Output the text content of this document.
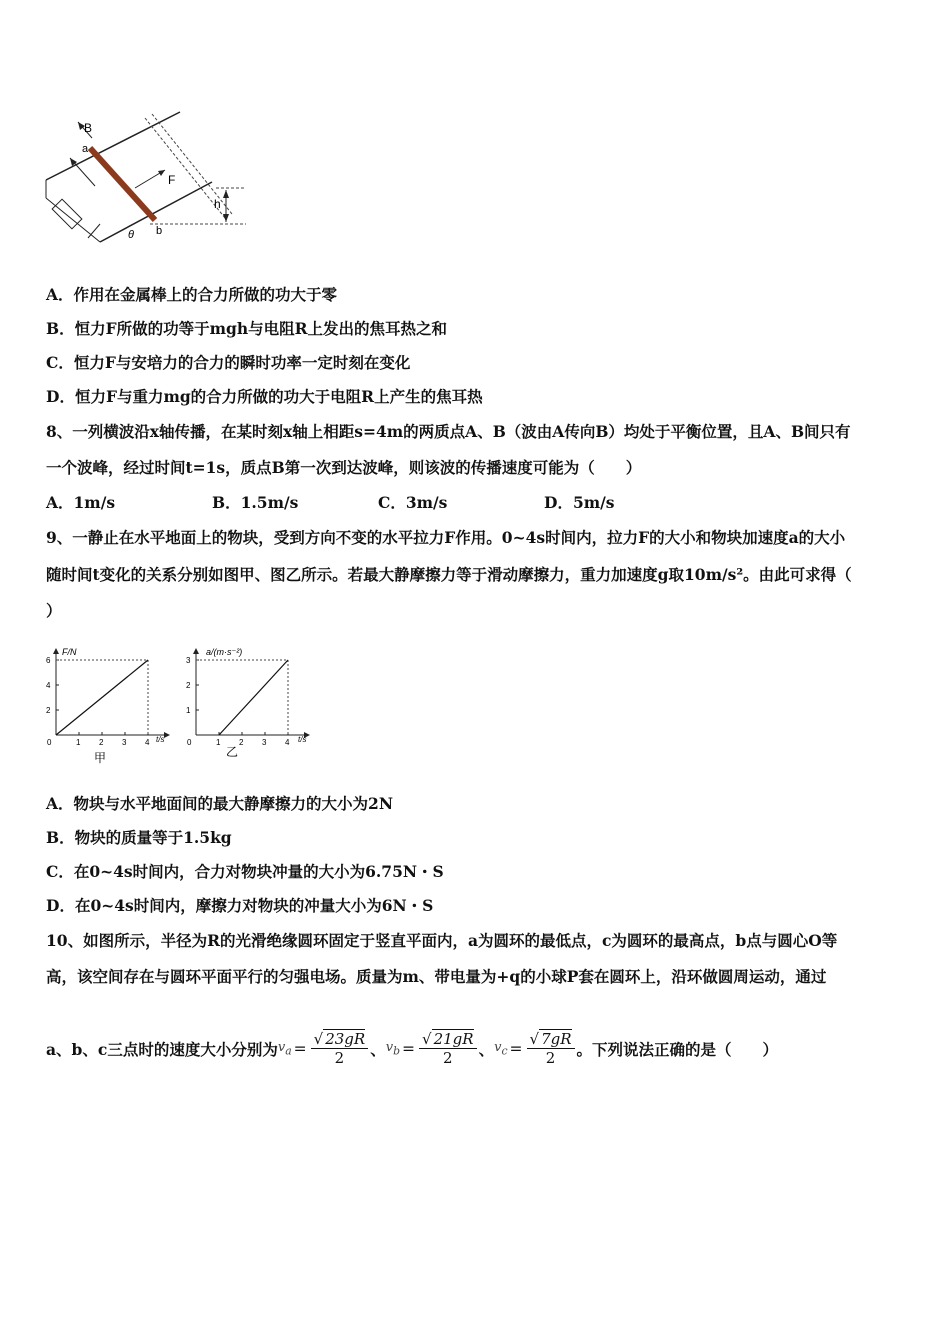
B
a
F
b
h
θ
A．作用在金属棒上的合力所做的功大于零
B．恒力F所做的功等于mgh与电阻R上发出的焦耳热之和
C．恒力F与安培力的合力的瞬时功率一定时刻在变化
D．恒力F与重力mg的合力所做的功大于电阻R上产生的焦耳热
8、一列横波沿x轴传播，在某时刻x轴上相距s=4m的两质点A、B（波由A传向B）均处于平衡位置，且A、B间只有
一个波峰，经过时间t=1s，质点B第一次到达波峰，则该波的传播速度可能为（　　）
A．1m/s	B．1.5m/s	C．3m/s	D．5m/s
9、一静止在水平地面上的物块，受到方向不变的水平拉力F作用。0~4s时间内，拉力F的大小和物块加速度a的大小
随时间t变化的关系分别如图甲、图乙所示。若最大静摩擦力等于滑动摩擦力，重力加速度g取10m/s²。由此可求得（
）
F/N
t/s
甲
0	1 2 3 4
2
4
6
a/(m·s⁻²)
t/s
乙
0	1 2 3 4
1
2
3
A．物块与水平地面间的最大静摩擦力的大小为2N
B．物块的质量等于1.5kg
C．在0~4s时间内，合力对物块冲量的大小为6.75N・S
D．在0~4s时间内，摩擦力对物块的冲量大小为6N・S
10、如图所示，半径为R的光滑绝缘圆环固定于竖直平面内，a为圆环的最低点，c为圆环的最高点，b点与圆心O等
高，该空间存在与圆环平面平行的匀强电场。质量为m、带电量为+q的小球P套在圆环上，沿环做圆周运动，通过
a、b、c三点时的速度大小分别为 $v_a = \frac{√ 23gR}{2}$ 、 $v_b = \frac{√ 21gR}{2}$ 、 $v_c = \frac{√ 7gR}{2}$ 。下列说法正确的是（　　）
